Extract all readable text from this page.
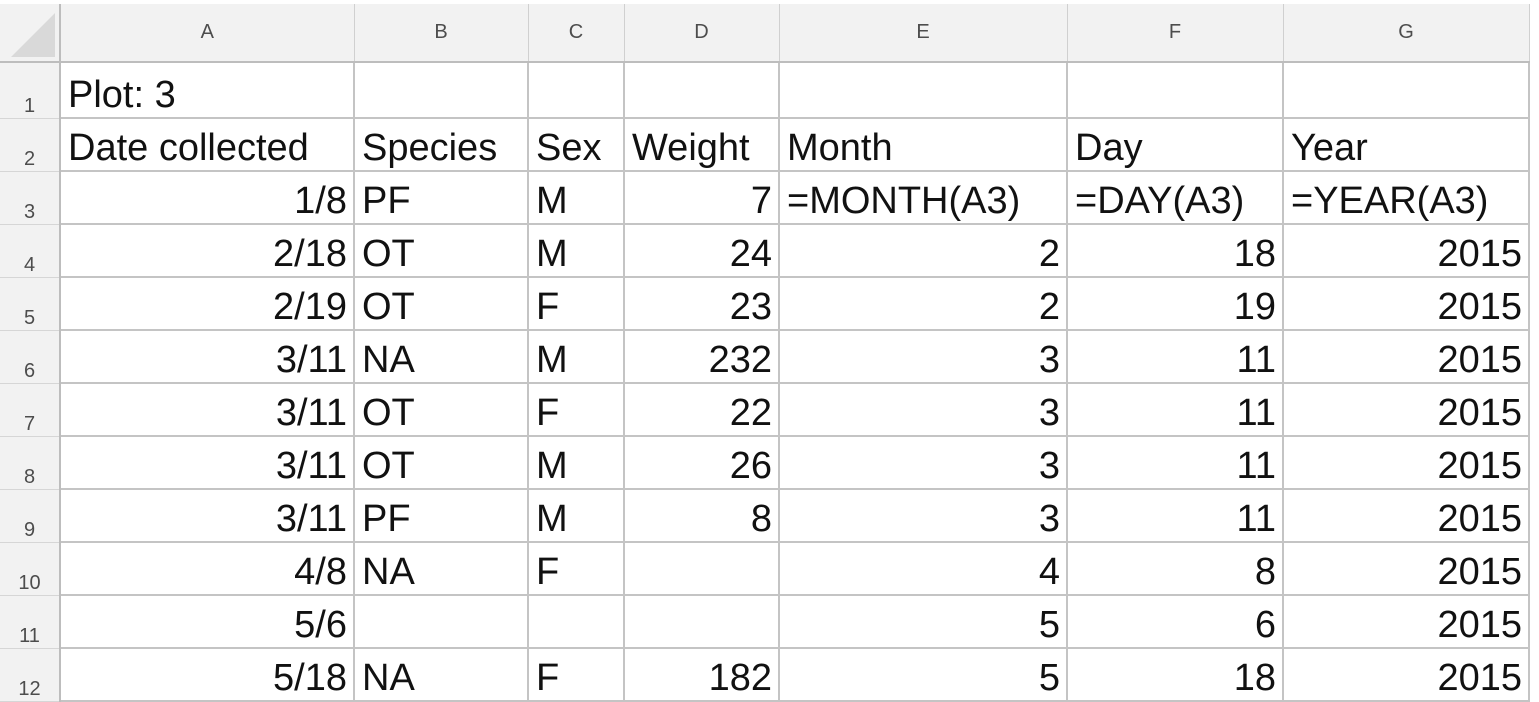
	A	B	C	D	E	F	G
1	Plot: 3						
2	Date collected	Species	Sex	Weight	Month	Day	Year
3	1/8	PF	M	7	=MONTH(A3)	=DAY(A3)	=YEAR(A3)
4	2/18	OT	M	24	2	18	2015
5	2/19	OT	F	23	2	19	2015
6	3/11	NA	M	232	3	11	2015
7	3/11	OT	F	22	3	11	2015
8	3/11	OT	M	26	3	11	2015
9	3/11	PF	M	8	3	11	2015
10	4/8	NA	F		4	8	2015
11	5/6				5	6	2015
12	5/18	NA	F	182	5	18	2015
